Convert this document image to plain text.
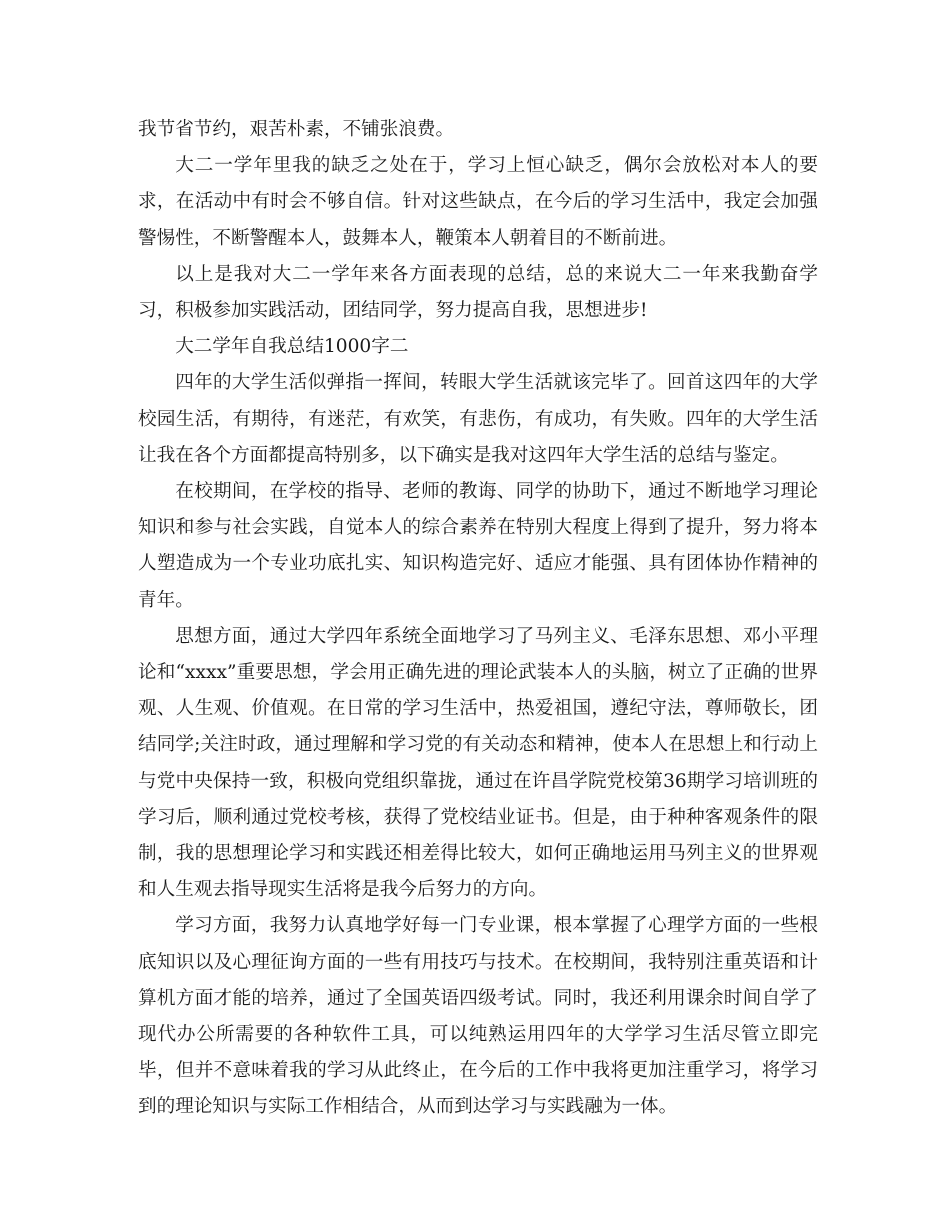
我节省节约，艰苦朴素，不铺张浪费。

大二一学年里我的缺乏之处在于，学习上恒心缺乏，偶尔会放松对本人的要求，在活动中有时会不够自信。针对这些缺点，在今后的学习生活中，我定会加强警惕性，不断警醒本人，鼓舞本人，鞭策本人朝着目的不断前进。

以上是我对大二一学年来各方面表现的总结，总的来说大二一年来我勤奋学习，积极参加实践活动，团结同学，努力提高自我，思想进步!

大二学年自我总结1000字二

四年的大学生活似弹指一挥间，转眼大学生活就该完毕了。回首这四年的大学校园生活，有期待，有迷茫，有欢笑，有悲伤，有成功，有失败。四年的大学生活让我在各个方面都提高特别多，以下确实是我对这四年大学生活的总结与鉴定。

在校期间，在学校的指导、老师的教诲、同学的协助下，通过不断地学习理论知识和参与社会实践，自觉本人的综合素养在特别大程度上得到了提升，努力将本人塑造成为一个专业功底扎实、知识构造完好、适应才能强、具有团体协作精神的青年。

思想方面，通过大学四年系统全面地学习了马列主义、毛泽东思想、邓小平理论和“xxxx”重要思想，学会用正确先进的理论武装本人的头脑，树立了正确的世界观、人生观、价值观。在日常的学习生活中，热爱祖国，遵纪守法，尊师敬长，团结同学;关注时政，通过理解和学习党的有关动态和精神，使本人在思想上和行动上与党中央保持一致，积极向党组织靠拢，通过在许昌学院党校第36期学习培训班的学习后，顺利通过党校考核，获得了党校结业证书。但是，由于种种客观条件的限制，我的思想理论学习和实践还相差得比较大，如何正确地运用马列主义的世界观和人生观去指导现实生活将是我今后努力的方向。

学习方面，我努力认真地学好每一门专业课，根本掌握了心理学方面的一些根底知识以及心理征询方面的一些有用技巧与技术。在校期间，我特别注重英语和计算机方面才能的培养，通过了全国英语四级考试。同时，我还利用课余时间自学了现代办公所需要的各种软件工具，可以纯熟运用四年的大学学习生活尽管立即完毕，但并不意味着我的学习从此终止，在今后的工作中我将更加注重学习，将学习到的理论知识与实际工作相结合，从而到达学习与实践融为一体。
